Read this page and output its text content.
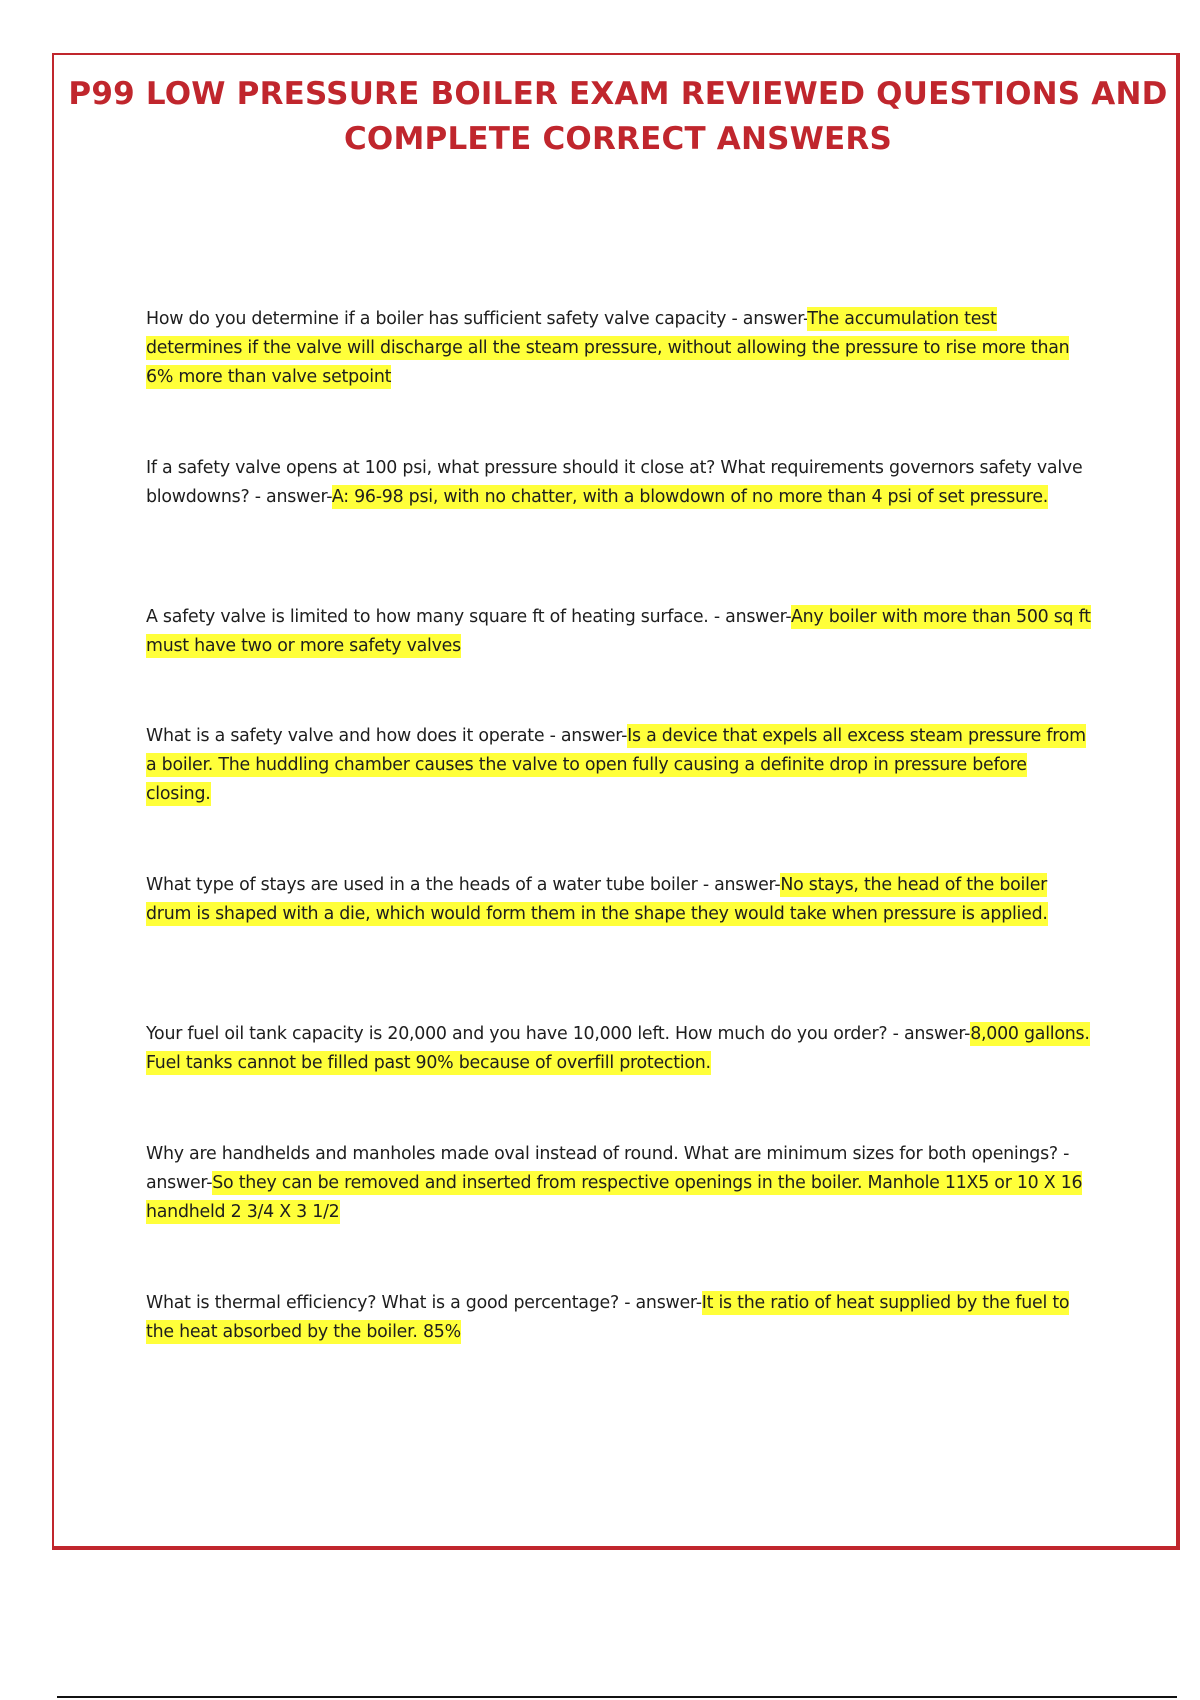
P99 LOW PRESSURE BOILER EXAM REVIEWED QUESTIONS AND COMPLETE CORRECT ANSWERS

How do you determine if a boiler has sufficient safety valve capacity - answer-The accumulation test determines if the valve will discharge all the steam pressure, without allowing the pressure to rise more than 6% more than valve setpoint

If a safety valve opens at 100 psi, what pressure should it close at? What requirements governors safety valve blowdowns? - answer-A: 96-98 psi, with no chatter, with a blowdown of no more than 4 psi of set pressure.

A safety valve is limited to how many square ft of heating surface. - answer-Any boiler with more than 500 sq ft must have two or more safety valves

What is a safety valve and how does it operate - answer-Is a device that expels all excess steam pressure from a boiler. The huddling chamber causes the valve to open fully causing a definite drop in pressure before closing.

What type of stays are used in a the heads of a water tube boiler - answer-No stays, the head of the boiler drum is shaped with a die, which would form them in the shape they would take when pressure is applied.

Your fuel oil tank capacity is 20,000 and you have 10,000 left. How much do you order? - answer-8,000 gallons. Fuel tanks cannot be filled past 90% because of overfill protection.

Why are handhelds and manholes made oval instead of round. What are minimum sizes for both openings? - answer-So they can be removed and inserted from respective openings in the boiler. Manhole 11X5 or 10 X 16 handheld 2 3/4 X 3 1/2

What is thermal efficiency? What is a good percentage? - answer-It is the ratio of heat supplied by the fuel to the heat absorbed by the boiler. 85%
